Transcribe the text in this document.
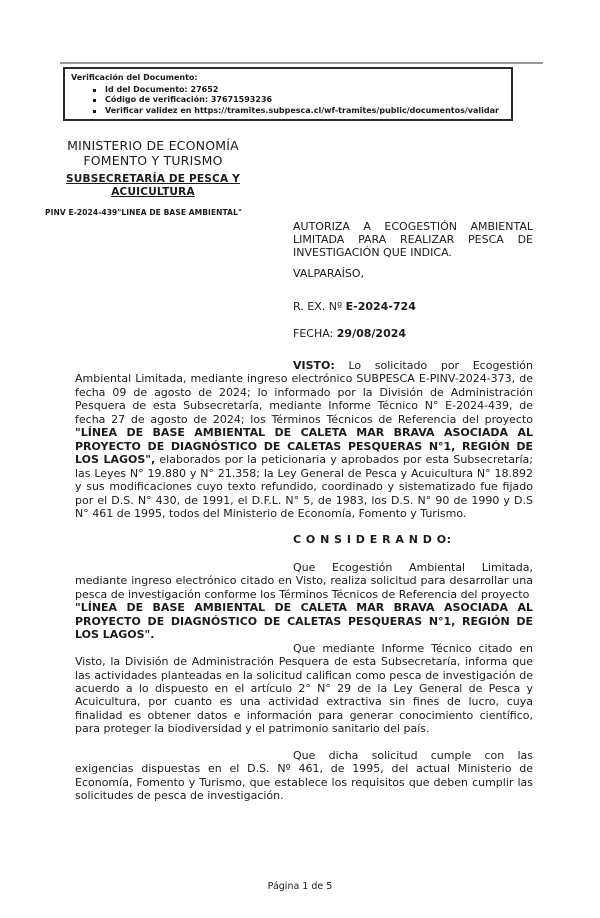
Verificación del Documento:
Id del Documento: 27652
Código de verificación: 37671593236
Verificar validez en https://tramites.subpesca.cl/wf-tramites/public/documentos/validar
MINISTERIO DE ECONOMÍA
FOMENTO Y TURISMO
SUBSECRETARÍA DE PESCA Y
ACUICULTURA
PINV E-2024-439"LINEA DE BASE AMBIENTAL"
AUTORIZA A ECOGESTIÓN AMBIENTAL LIMITADA PARA REALIZAR PESCA DE INVESTIGACIÓN QUE INDICA.
VALPARAÍSO,
R. EX. Nº E-2024-724
FECHA: 29/08/2024

VISTO: Lo solicitado por Ecogestión Ambiental Limitada, mediante ingreso electrónico SUBPESCA E-PINV-2024-373, de fecha 09 de agosto de 2024; lo informado por la División de Administración Pesquera de esta Subsecretaría, mediante Informe Técnico N° E-2024-439, de fecha 27 de agosto de 2024; los Términos Técnicos de Referencia del proyecto "LÍNEA DE BASE AMBIENTAL DE CALETA MAR BRAVA ASOCIADA AL PROYECTO DE DIAGNÓSTICO DE CALETAS PESQUERAS N°1, REGIÓN DE LOS LAGOS", elaborados por la peticionaria y aprobados por esta Subsecretaría; las Leyes N° 19.880 y N° 21.358; la Ley General de Pesca y Acuicultura N° 18.892 y sus modificaciones cuyo texto refundido, coordinado y sistematizado fue fijado por el D.S. N° 430, de 1991, el D.F.L. N° 5, de 1983, los D.S. N° 90 de 1990 y D.S N° 461 de 1995, todos del Ministerio de Economía, Fomento y Turismo.

C O N S I D E R A N D O:

Que Ecogestión Ambiental Limitada, mediante ingreso electrónico citado en Visto, realiza solicitud para desarrollar una pesca de investigación conforme los Términos Técnicos de Referencia del proyecto

"LÍNEA DE BASE AMBIENTAL DE CALETA MAR BRAVA ASOCIADA AL PROYECTO DE DIAGNÓSTICO DE CALETAS PESQUERAS N°1, REGIÓN DE LOS LAGOS".

Que mediante Informe Técnico citado en Visto, la División de Administración Pesquera de esta Subsecretaría, informa que las actividades planteadas en la solicitud califican como pesca de investigación de acuerdo a lo dispuesto en el artículo 2° N° 29 de la Ley General de Pesca y Acuicultura, por cuanto es una actividad extractiva sin fines de lucro, cuya finalidad es obtener datos e información para generar conocimiento científico, para proteger la biodiversidad y el patrimonio sanitario del país.

Que dicha solicitud cumple con las exigencias dispuestas en el D.S. Nº 461, de 1995, del actual Ministerio de Economía, Fomento y Turismo, que establece los requisitos que deben cumplir las solicitudes de pesca de investigación.

Página 1 de 5
